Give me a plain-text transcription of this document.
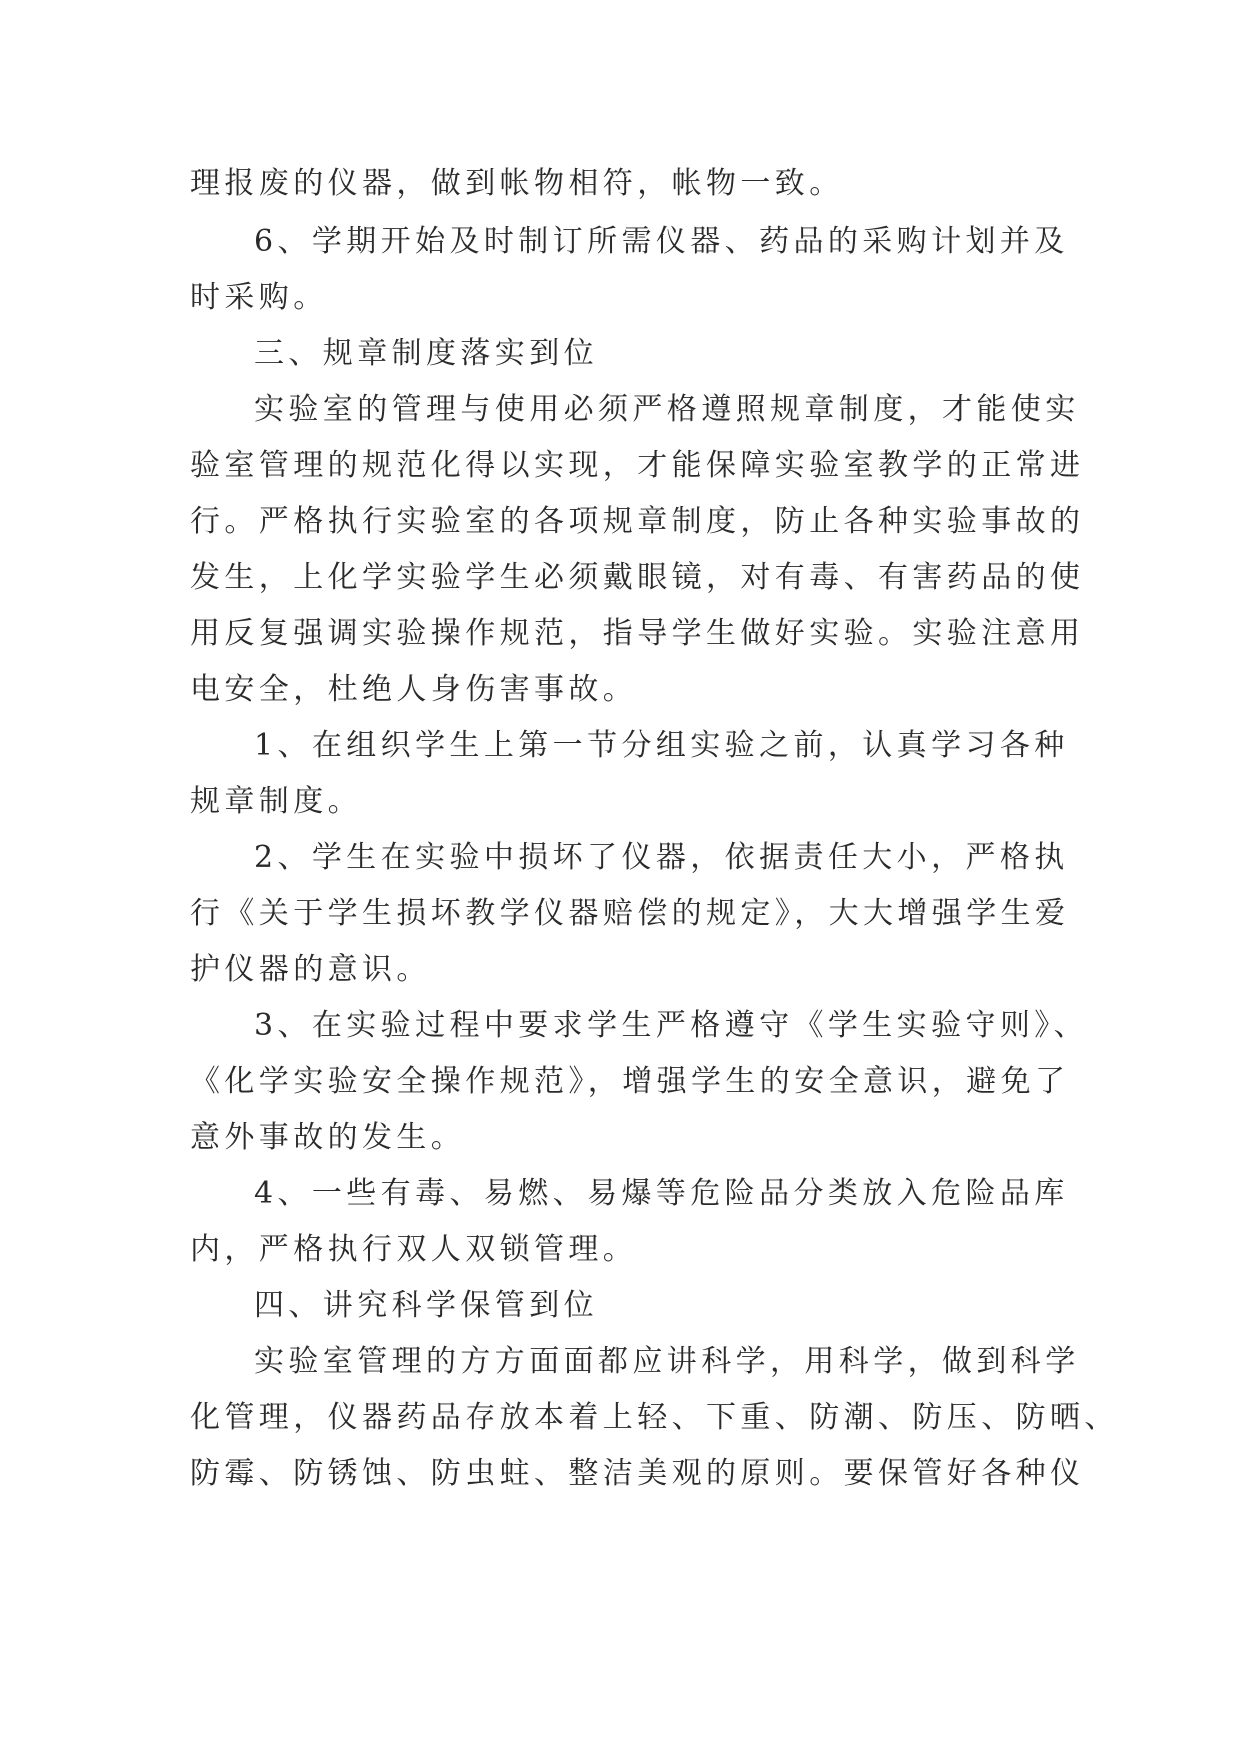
理报废的仪器，做到帐物相符，帐物一致。
6、学期开始及时制订所需仪器、药品的采购计划并及
时采购。
三、规章制度落实到位
实验室的管理与使用必须严格遵照规章制度，才能使实
验室管理的规范化得以实现，才能保障实验室教学的正常进
行。严格执行实验室的各项规章制度，防止各种实验事故的
发生，上化学实验学生必须戴眼镜，对有毒、有害药品的使
用反复强调实验操作规范，指导学生做好实验。实验注意用
电安全，杜绝人身伤害事故。
1、在组织学生上第一节分组实验之前，认真学习各种
规章制度。
2、学生在实验中损坏了仪器，依据责任大小，严格执
行《关于学生损坏教学仪器赔偿的规定》，大大增强学生爱
护仪器的意识。
3、在实验过程中要求学生严格遵守《学生实验守则》、
《化学实验安全操作规范》，增强学生的安全意识，避免了
意外事故的发生。
4、一些有毒、易燃、易爆等危险品分类放入危险品库
内，严格执行双人双锁管理。
四、讲究科学保管到位
实验室管理的方方面面都应讲科学，用科学，做到科学
化管理，仪器药品存放本着上轻、下重、防潮、防压、防晒、
防霉、防锈蚀、防虫蛀、整洁美观的原则。要保管好各种仪
